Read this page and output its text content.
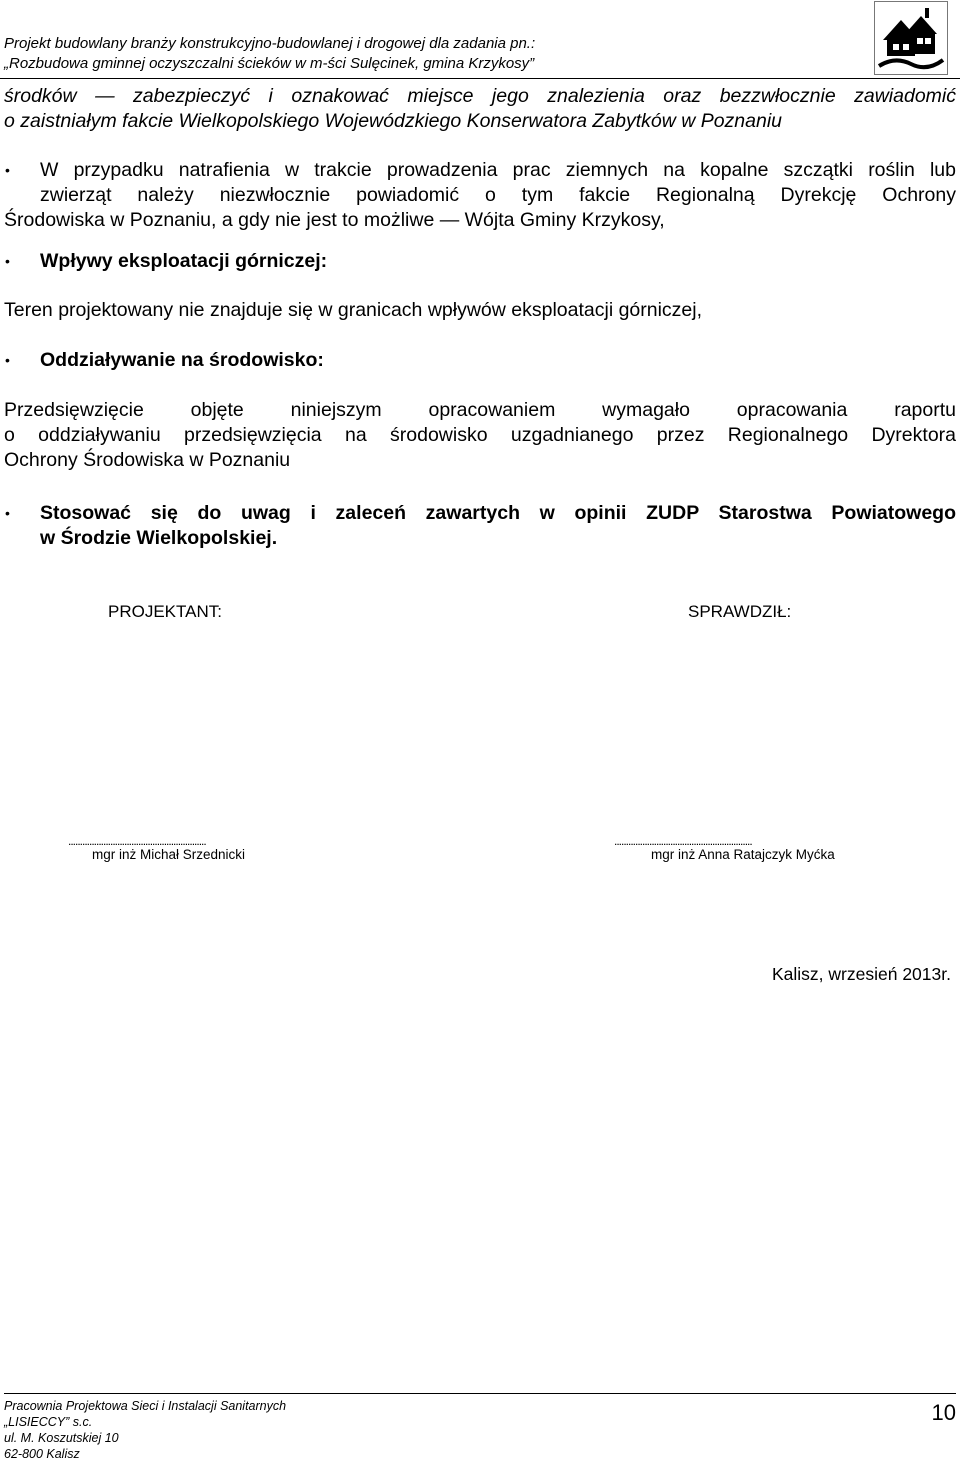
Projekt budowlany branży konstrukcyjno-budowlanej i drogowej dla zadania pn.:
„Rozbudowa gminnej oczyszczalni ścieków w m-ści Sulęcinek, gmina Krzykosy”
środków — zabezpieczyć i oznakować miejsce jego znalezienia oraz bezzwłocznie zawiadomić
o zaistniałym fakcie Wielkopolskiego Wojewódzkiego Konserwatora Zabytków w Poznaniu
• W przypadku natrafienia w trakcie prowadzenia prac ziemnych na kopalne szczątki roślin lub
zwierząt należy niezwłocznie powiadomić o tym fakcie Regionalną Dyrekcję Ochrony
Środowiska w Poznaniu, a gdy nie jest to możliwe — Wójta Gminy Krzykosy,
• Wpływy eksploatacji górniczej:
Teren projektowany nie znajduje się w granicach wpływów eksploatacji górniczej,
• Oddziaływanie na środowisko:
Przedsięwzięcie objęte niniejszym opracowaniem wymagało opracowania raportu
o oddziaływaniu przedsięwzięcia na środowisko uzgadnianego przez Regionalnego Dyrektora
Ochrony Środowiska w Poznaniu
• Stosować się do uwag i zaleceń zawartych w opinii ZUDP Starostwa Powiatowego
w Środzie Wielkopolskiej.
PROJEKTANT:	SPRAWDZIŁ:
...........................................................	...........................................................
mgr inż Michał Srzednicki	mgr inż Anna Ratajczyk Myćka
Kalisz, wrzesień 2013r.
Pracownia Projektowa Sieci i Instalacji Sanitarnych
„LISIECCY” s.c.
ul. M. Koszutskiej 10
62-800 Kalisz
10
